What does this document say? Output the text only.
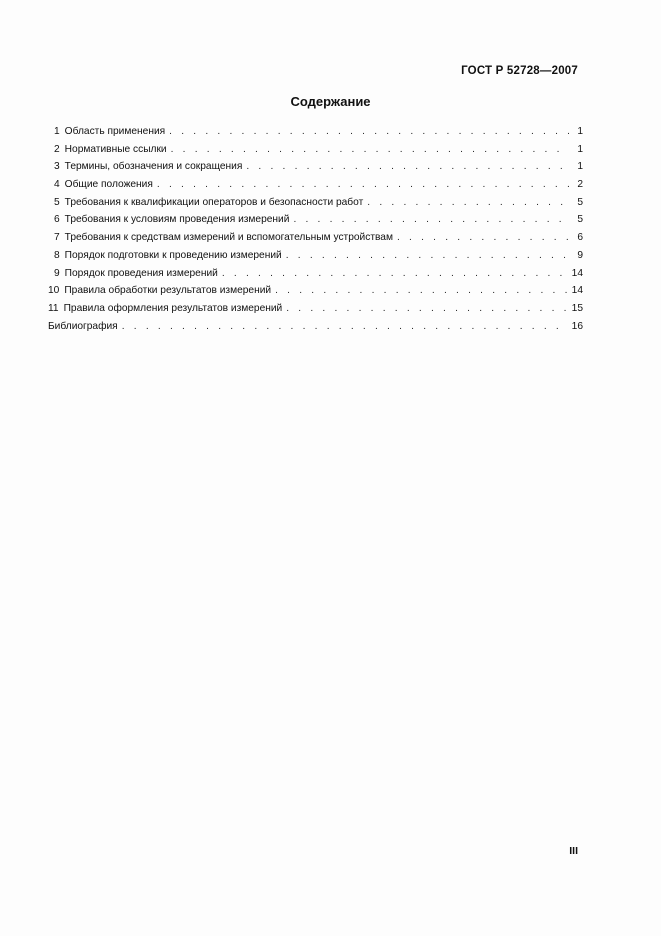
ГОСТ Р 52728—2007
Содержание
1 Область применения . . .	1
2 Нормативные ссылки . . .	1
3 Термины, обозначения и сокращения . . .	1
4 Общие положения . . .	2
5 Требования к квалификации операторов и безопасности работ . . .	5
6 Требования к условиям проведения измерений . . .	5
7 Требования к средствам измерений и вспомогательным устройствам . . .	6
8 Порядок подготовки к проведению измерений . . .	9
9 Порядок проведения измерений . . .	14
10 Правила обработки результатов измерений . . .	14
11 Правила оформления результатов измерений . . .	15
Библиография . . .	16
III
